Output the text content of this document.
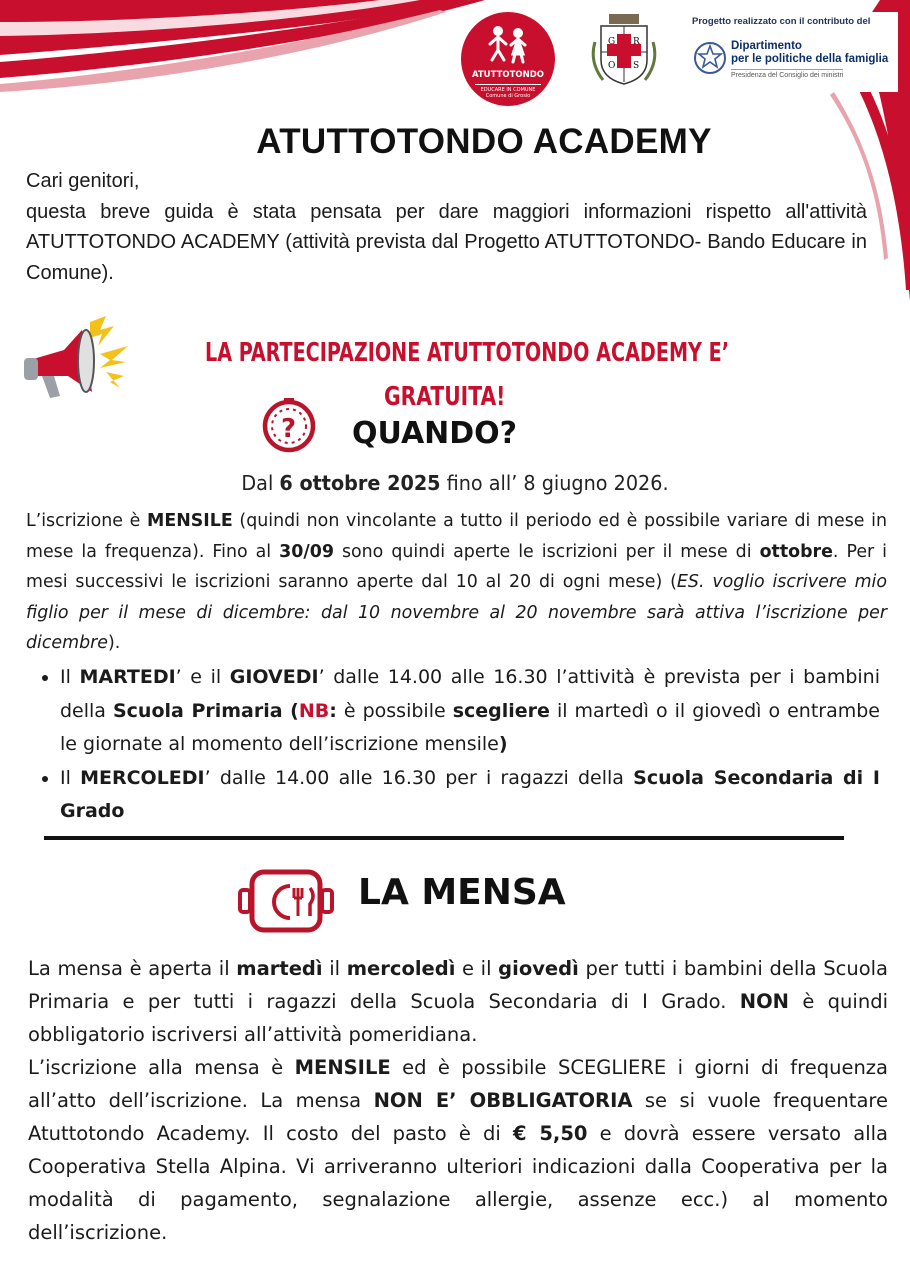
ATUTTOTONDO
EDUCARE IN COMUNE
Comune di Grosio
G R
O S
Progetto realizzato con il contributo del
Dipartimento
per le politiche della famiglia
Presidenza del Consiglio dei ministri
ATUTTOTONDO ACADEMY

Cari genitori,

questa breve guida è stata pensata per dare maggiori informazioni rispetto all'attività ATUTTOTONDO ACADEMY (attività prevista dal Progetto ATUTTOTONDO- Bando Educare in Comune).

LA PARTECIPAZIONE ATUTTOTONDO ACADEMY E’
GRATUITA!
? QUANDO?
Dal 6 ottobre 2025 fino all’ 8 giugno 2026.

L’iscrizione è MENSILE (quindi non vincolante a tutto il periodo ed è possibile variare di mese in mese la frequenza). Fino al 30/09 sono quindi aperte le iscrizioni per il mese di ottobre. Per i mesi successivi le iscrizioni saranno aperte dal 10 al 20 di ogni mese) (ES. voglio iscrivere mio figlio per il mese di dicembre: dal 10 novembre al 20 novembre sarà attiva l’iscrizione per dicembre).

• Il MARTEDI’ e il GIOVEDI’ dalle 14.00 alle 16.30 l’attività è prevista per i bambini della Scuola Primaria (NB: è possibile scegliere il martedì o il giovedì o entrambe le giornate al momento dell’iscrizione mensile)
• Il MERCOLEDI’ dalle 14.00 alle 16.30 per i ragazzi della Scuola Secondaria di I Grado
LA MENSA

La mensa è aperta il martedì il mercoledì e il giovedì per tutti i bambini della Scuola Primaria e per tutti i ragazzi della Scuola Secondaria di I Grado. NON è quindi obbligatorio iscriversi all’attività pomeridiana.

L’iscrizione alla mensa è MENSILE ed è possibile SCEGLIERE i giorni di frequenza all’atto dell’iscrizione. La mensa NON E’ OBBLIGATORIA se si vuole frequentare Atuttotondo Academy. Il costo del pasto è di € 5,50 e dovrà essere versato alla Cooperativa Stella Alpina. Vi arriveranno ulteriori indicazioni dalla Cooperativa per la modalità di pagamento, segnalazione allergie, assenze ecc.) al momento dell’iscrizione.
